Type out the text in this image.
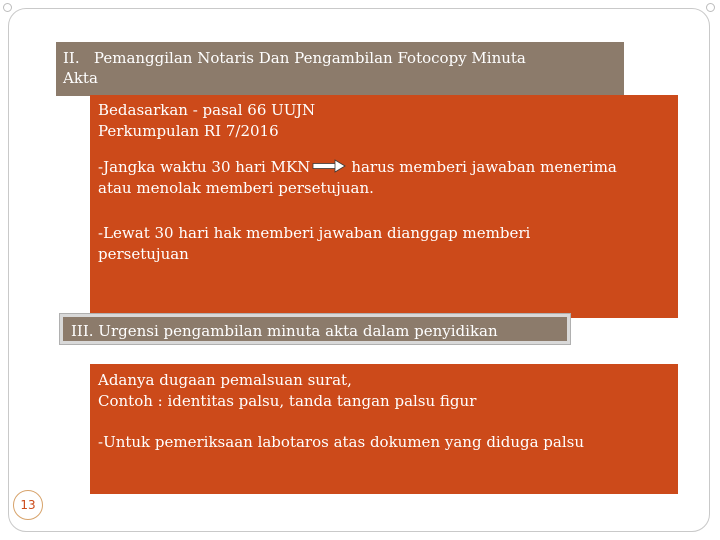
II.   Pemanggilan Notaris Dan Pengambilan Fotocopy Minuta
Akta

Bedasarkan - pasal 66 UUJN

Perkumpulan RI 7/2016

-Jangka waktu 30 hari MKN	harus memberi jawaban menerima

atau menolak memberi persetujuan.

-Lewat 30 hari hak memberi jawaban dianggap memberi

persetujuan

III. Urgensi pengambilan minuta akta dalam penyidikan

Adanya dugaan pemalsuan surat,

Contoh : identitas palsu, tanda tangan palsu figur

-Untuk pemeriksaan labotaros atas dokumen yang diduga palsu

13
